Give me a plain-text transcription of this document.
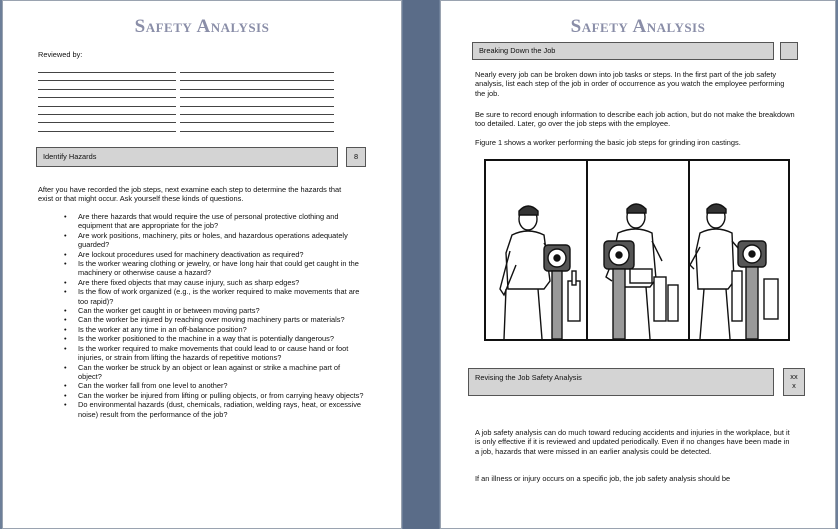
Safety Analysis
Reviewed by:
Identify Hazards	8
After you have recorded the job steps, next examine each step to determine the hazards that exist or that might occur. Ask yourself these kinds of questions.
• Are there hazards that would require the use of personal protective clothing and equipment that are appropriate for the job?
• Are work positions, machinery, pits or holes, and hazardous operations adequately guarded?
• Are lockout procedures used for machinery deactivation as required?
• Is the worker wearing clothing or jewelry, or have long hair that could get caught in the machinery or otherwise cause a hazard?
• Are there fixed objects that may cause injury, such as sharp edges?
• Is the flow of work organized (e.g., is the worker required to make movements that are too rapid)?
• Can the worker get caught in or between moving parts?
• Can the worker be injured by reaching over moving machinery parts or materials?
• Is the worker at any time in an off-balance position?
• Is the worker positioned to the machine in a way that is potentially dangerous?
• Is the worker required to make movements that could lead to or cause hand or foot injuries, or strain from lifting the hazards of repetitive motions?
• Can the worker be struck by an object or lean against or strike a machine part of object?
• Can the worker fall from one level to another?
• Can the worker be injured from lifting or pulling objects, or from carrying heavy objects?
• Do environmental hazards (dust, chemicals, radiation, welding rays, heat, or excessive noise) result from the performance of the job?
Safety Analysis
Breaking Down the Job
Nearly every job can be broken down into job tasks or steps. In the first part of the job safety analysis, list each step of the job in order of occurrence as you watch the employee performing the job.
Be sure to record enough information to describe each job action, but do not make the breakdown too detailed. Later, go over the job steps with the employee.
Figure 1 shows a worker performing the basic job steps for grinding iron castings.
Revising the Job Safety Analysis	xx
x
A job safety analysis can do much toward reducing accidents and injuries in the workplace, but it is only effective if it is reviewed and updated periodically. Even if no changes have been made in a job, hazards that were missed in an earlier analysis could be detected.
If an illness or injury occurs on a specific job, the job safety analysis should be
